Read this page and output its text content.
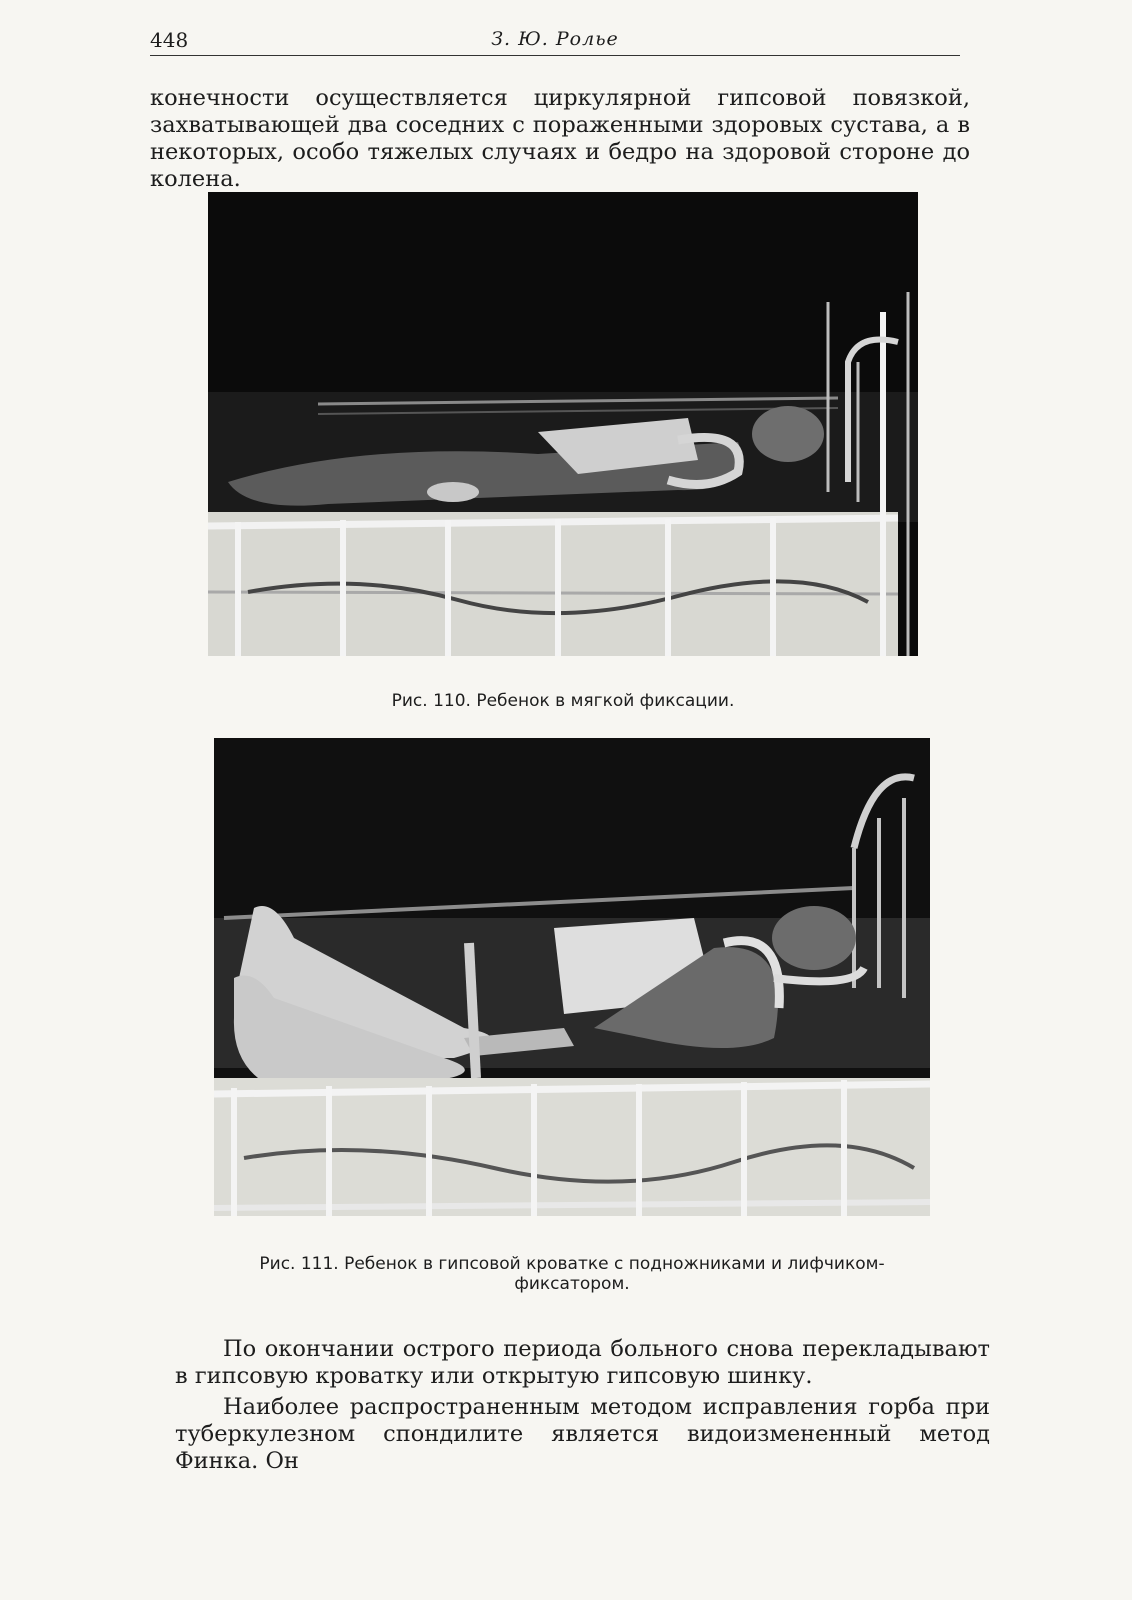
448	З. Ю. Ролье

конечности осуществляется циркулярной гипсовой повязкой, захватывающей два соседних с пораженными здоровых сустава, а в некоторых, особо тяжелых случаях и бедро на здоровой стороне до колена.

Рис. 110. Ребенок в мягкой фиксации.
Рис. 111. Ребенок в гипсовой кроватке с подножниками и лифчиком-фиксатором.

По окончании острого периода больного снова перекладывают в гипсовую кроватку или открытую гипсовую шинку.

Наиболее распространенным методом исправления горба при туберкулезном спондилите является видоизмененный метод Финка. Он
